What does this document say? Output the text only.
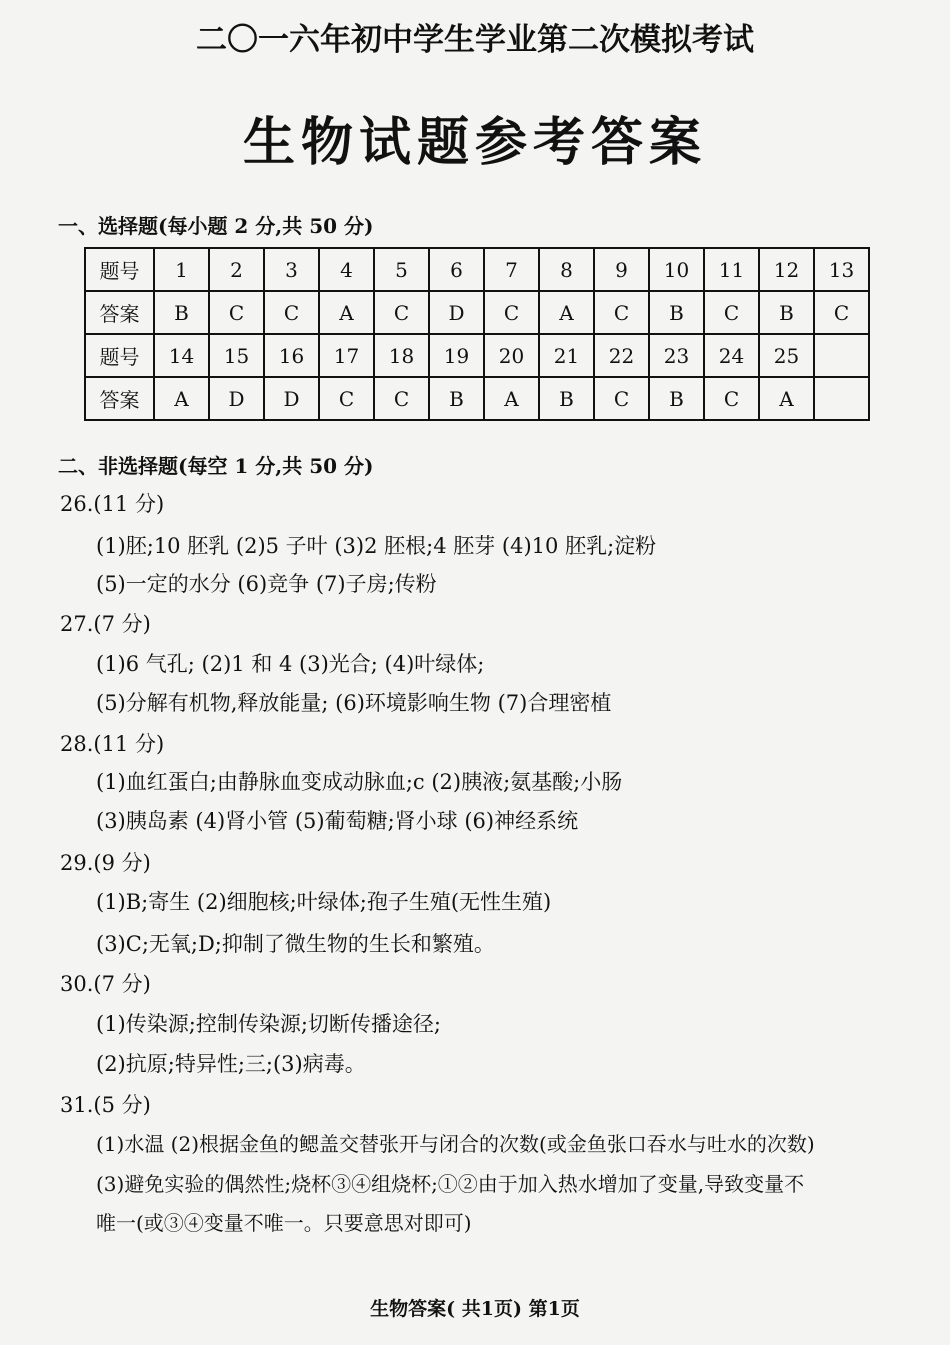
二〇一六年初中学生学业第二次模拟考试
生物试题参考答案
一、选择题(每小题 2 分,共 50 分)
题号	1	2	3	4	5	6	7	8	9	10	11	12	13
答案	B	C	C	A	C	D	C	A	C	B	C	B	C
题号	14	15	16	17	18	19	20	21	22	23	24	25	
答案	A	D	D	C	C	B	A	B	C	B	C	A	
二、非选择题(每空 1 分,共 50 分)
26.(11 分)
(1)胚;10 胚乳 (2)5 子叶 (3)2 胚根;4 胚芽 (4)10 胚乳;淀粉
(5)一定的水分 (6)竞争 (7)子房;传粉
27.(7 分)
(1)6 气孔; (2)1 和 4 (3)光合; (4)叶绿体;
(5)分解有机物,释放能量; (6)环境影响生物 (7)合理密植
28.(11 分)
(1)血红蛋白;由静脉血变成动脉血;c (2)胰液;氨基酸;小肠
(3)胰岛素 (4)肾小管 (5)葡萄糖;肾小球 (6)神经系统
29.(9 分)
(1)B;寄生 (2)细胞核;叶绿体;孢子生殖(无性生殖)
(3)C;无氧;D;抑制了微生物的生长和繁殖。
30.(7 分)
(1)传染源;控制传染源;切断传播途径;
(2)抗原;特异性;三;(3)病毒。
31.(5 分)
(1)水温 (2)根据金鱼的鳃盖交替张开与闭合的次数(或金鱼张口吞水与吐水的次数)
(3)避免实验的偶然性;烧杯③④组烧杯;①②由于加入热水增加了变量,导致变量不
唯一(或③④变量不唯一。只要意思对即可)
生物答案( 共1页) 第1页
